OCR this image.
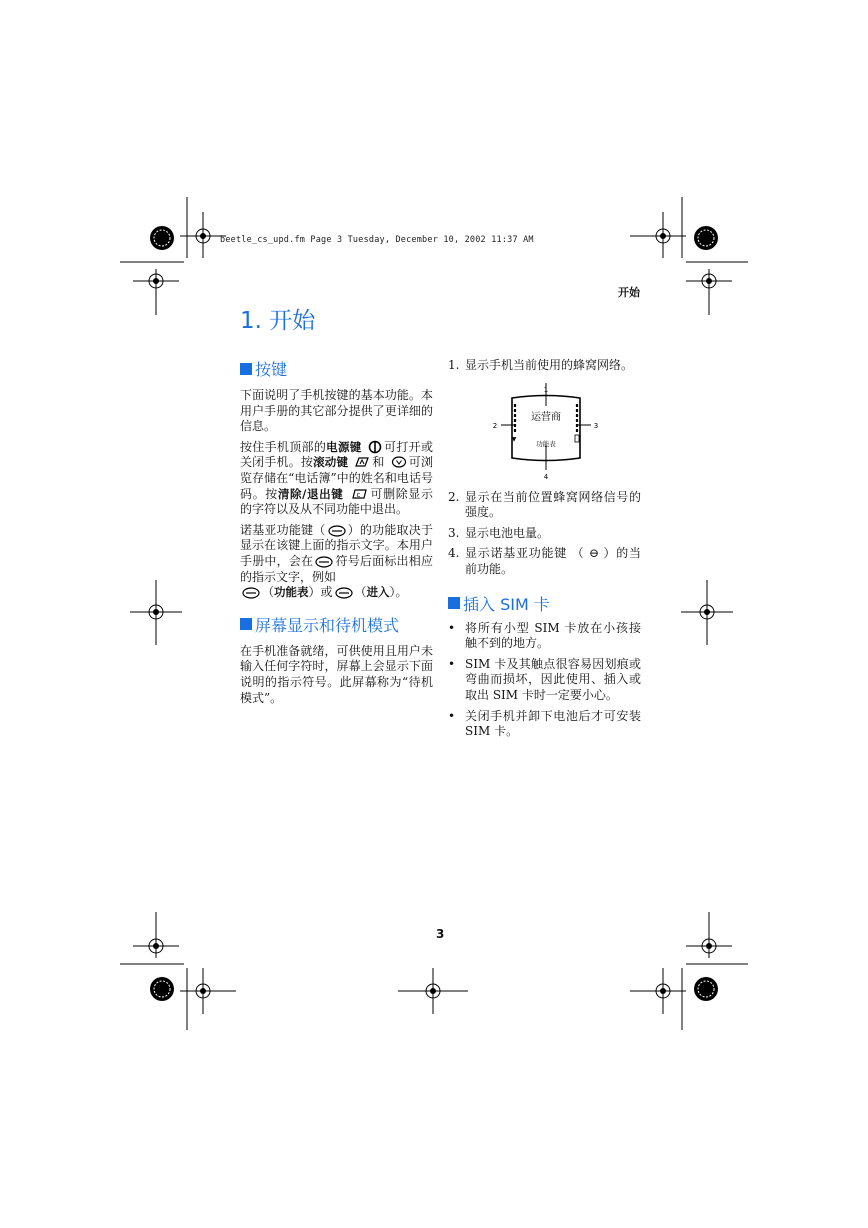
beetle_cs_upd.fm Page 3 Tuesday, December 10, 2002 11:37 AM
开始
1. 开始
按键
下面说明了手机按键的基本功能。本用户手册的其它部分提供了更详细的信息。
按住手机顶部的电源键 可打开或关闭手机。按滚动键 和 可浏览存储在“电话簿”中的姓名和电话号码。按清除/退出键 c 可删除显示的字符以及从不同功能中退出。
诺基亚功能键（ ）的功能取决于显示在该键上面的指示文字。本用户手册中，会在 符号后面标出相应的指示文字，例如
（功能表）或 （进入）。
屏幕显示和待机模式
在手机准备就绪，可供使用且用户未输入任何字符时，屏幕上会显示下面说明的指示符号。此屏幕称为“待机模式”。
1. 显示手机当前使用的蜂窝网络。
1
2	3
4
运营商
功能表
▼
2. 显示在当前位置蜂窝网络信号的强度。
3. 显示电池电量。
4. 显示诺基亚功能键 （ ⊖ ）的当前功能。
插入 SIM 卡
• 将所有小型 SIM 卡放在小孩接触不到的地方。
• SIM 卡及其触点很容易因划痕或弯曲而损坏，因此使用、插入或取出 SIM 卡时一定要小心。
• 关闭手机并卸下电池后才可安装 SIM 卡。
3
